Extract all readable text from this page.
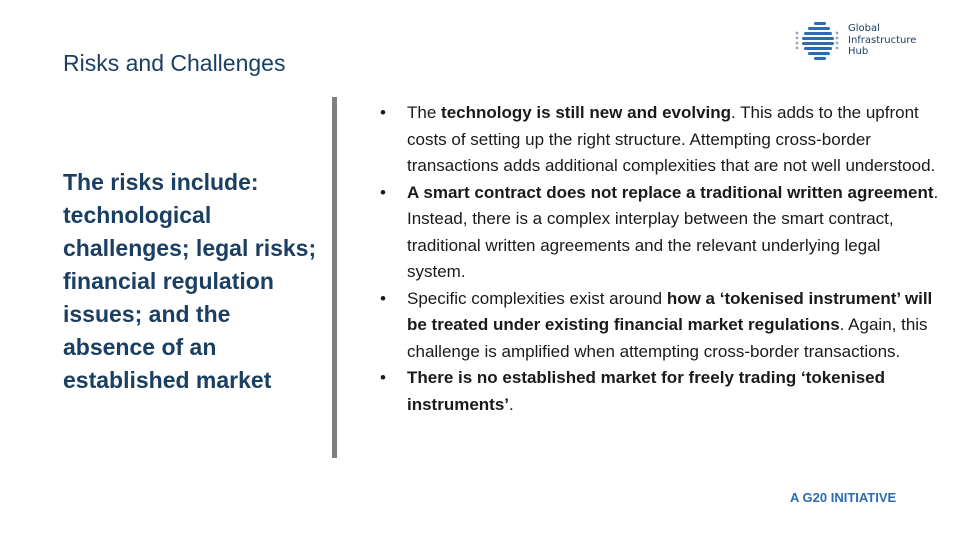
Risks and Challenges
Global
Infrastructure
Hub
The risks include: technological challenges; legal risks; financial regulation issues; and the absence of an established market
• The technology is still new and evolving. This adds to the upfront costs of setting up the right structure. Attempting cross-border transactions adds additional complexities that are not well understood.
• A smart contract does not replace a traditional written agreement. Instead, there is a complex interplay between the smart contract, traditional written agreements and the relevant underlying legal system.
• Specific complexities exist around how a ‘tokenised instrument’ will be treated under existing financial market regulations. Again, this challenge is amplified when attempting cross-border transactions.
• There is no established market for freely trading ‘tokenised instruments’.
A G20 INITIATIVE
